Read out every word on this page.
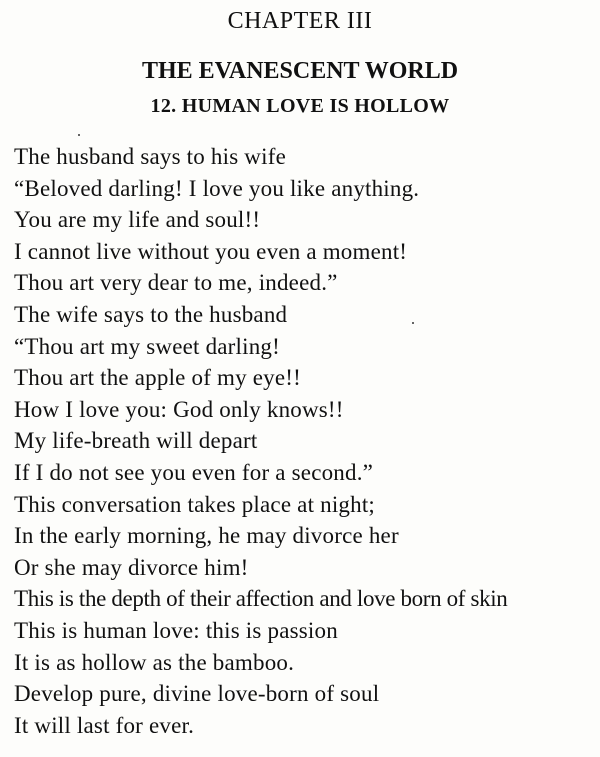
CHAPTER III
THE EVANESCENT WORLD
12. HUMAN LOVE IS HOLLOW
The husband says to his wife
“Beloved darling! I love you like anything.
You are my life and soul!!
I cannot live without you even a moment!
Thou art very dear to me, indeed.”
The wife says to the husband
“Thou art my sweet darling!
Thou art the apple of my eye!!
How I love you: God only knows!!
My life-breath will depart
If I do not see you even for a second.”
This conversation takes place at night;
In the early morning, he may divorce her
Or she may divorce him!
This is the depth of their affection and love born of skin
This is human love: this is passion
It is as hollow as the bamboo.
Develop pure, divine love-born of soul
It will last for ever.
